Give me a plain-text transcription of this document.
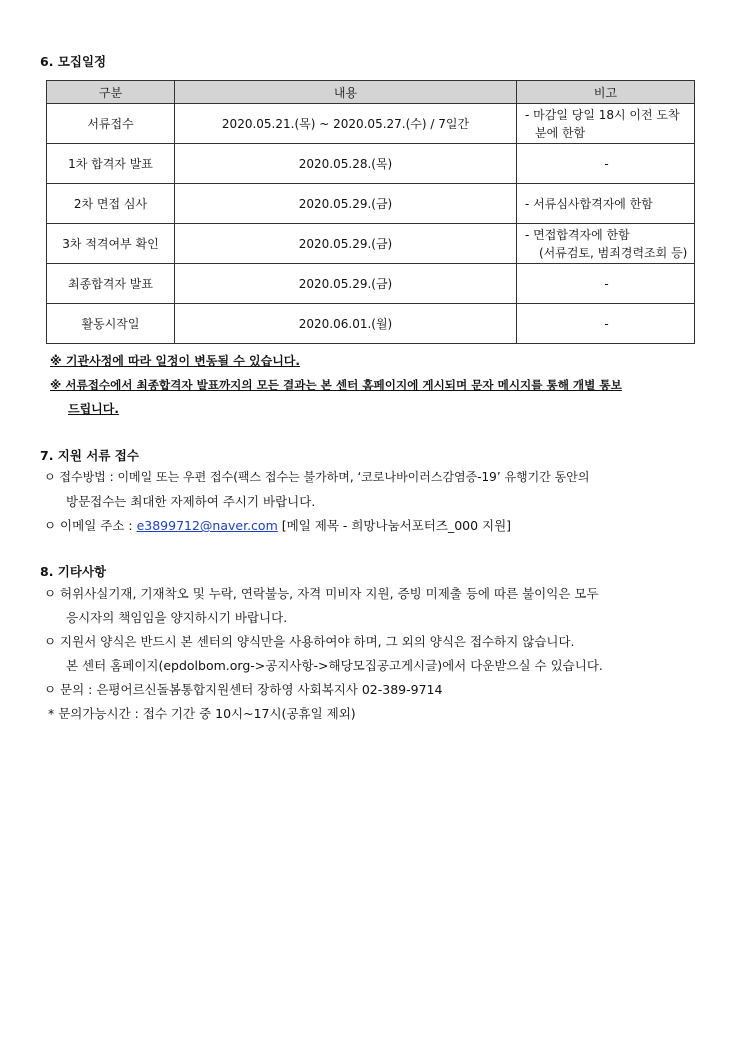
6. 모집일정
구분	내용	비고
서류접수	2020.05.21.(목) ~ 2020.05.27.(수) / 7일간	- 마감일 당일 18시 이전 도착
분에 한함

1차 합격자 발표	2020.05.28.(목)	-
2차 면접 심사	2020.05.29.(금)	- 서류심사합격자에 한함
3차 적격여부 확인	2020.05.29.(금)	- 면접합격자에 한함
(서류검토, 범죄경력조회 등)

최종합격자 발표	2020.05.29.(금)	-
활동시작일	2020.06.01.(월)	-
※ 기관사정에 따라 일정이 변동될 수 있습니다.
※ 서류접수에서 최종합격자 발표까지의 모든 결과는 본 센터 홈페이지에 게시되며 문자 메시지를 통해 개별 통보
드립니다.
7. 지원 서류 접수
ㅇ 접수방법 : 이메일 또는 우편 접수(팩스 접수는 불가하며, ‘코로나바이러스감염증-19’ 유행기간 동안의
방문접수는 최대한 자제하여 주시기 바랍니다.
ㅇ 이메일 주소 : e3899712@naver.com [메일 제목 - 희망나눔서포터즈_000 지원]
8. 기타사항
ㅇ 허위사실기재, 기재착오 및 누락, 연락불능, 자격 미비자 지원, 증빙 미제출 등에 따른 불이익은 모두
응시자의 책임임을 양지하시기 바랍니다.
ㅇ 지원서 양식은 반드시 본 센터의 양식만을 사용하여야 하며, 그 외의 양식은 접수하지 않습니다.
본 센터 홈페이지(epdolbom.org->공지사항->해당모집공고게시글)에서 다운받으실 수 있습니다.
ㅇ 문의 : 은평어르신돌봄통합지원센터 장하영 사회복지사 02-389-9714
* 문의가능시간 : 접수 기간 중 10시~17시(공휴일 제외)
